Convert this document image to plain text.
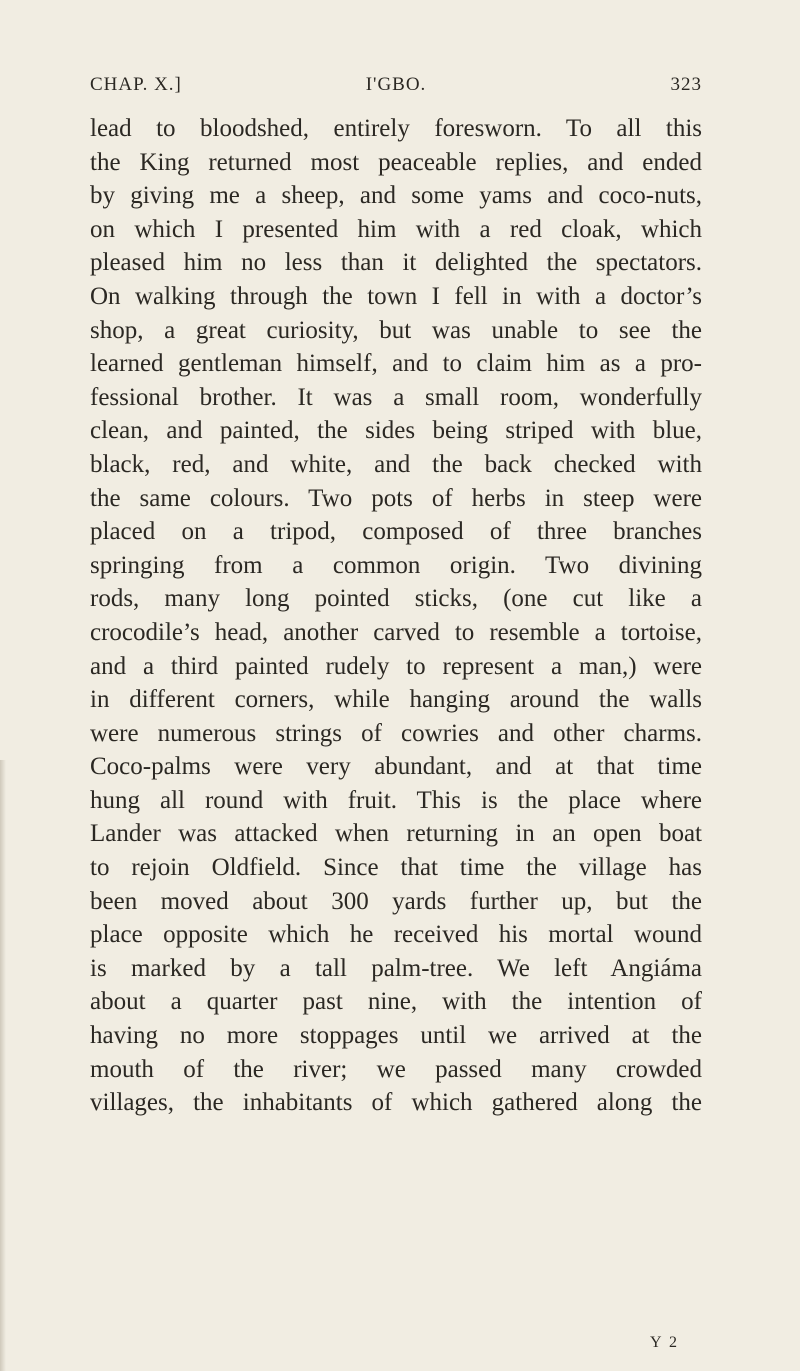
CHAP. X.]	I'GBO.	323
lead to bloodshed, entirely foresworn. To all this
the King returned most peaceable replies, and ended
by giving me a sheep, and some yams and coco-nuts,
on which I presented him with a red cloak, which
pleased him no less than it delighted the spectators.
On walking through the town I fell in with a doctor’s
shop, a great curiosity, but was unable to see the
learned gentleman himself, and to claim him as a pro-
fessional brother. It was a small room, wonderfully
clean, and painted, the sides being striped with blue,
black, red, and white, and the back checked with
the same colours. Two pots of herbs in steep were
placed on a tripod, composed of three branches
springing from a common origin. Two divining
rods, many long pointed sticks, (one cut like a
crocodile’s head, another carved to resemble a tortoise,
and a third painted rudely to represent a man,) were
in different corners, while hanging around the walls
were numerous strings of cowries and other charms.
Coco-palms were very abundant, and at that time
hung all round with fruit. This is the place where
Lander was attacked when returning in an open boat
to rejoin Oldfield. Since that time the village has
been moved about 300 yards further up, but the
place opposite which he received his mortal wound
is marked by a tall palm-tree. We left Angiáma
about a quarter past nine, with the intention of
having no more stoppages until we arrived at the
mouth of the river; we passed many crowded
villages, the inhabitants of which gathered along the
Y 2
